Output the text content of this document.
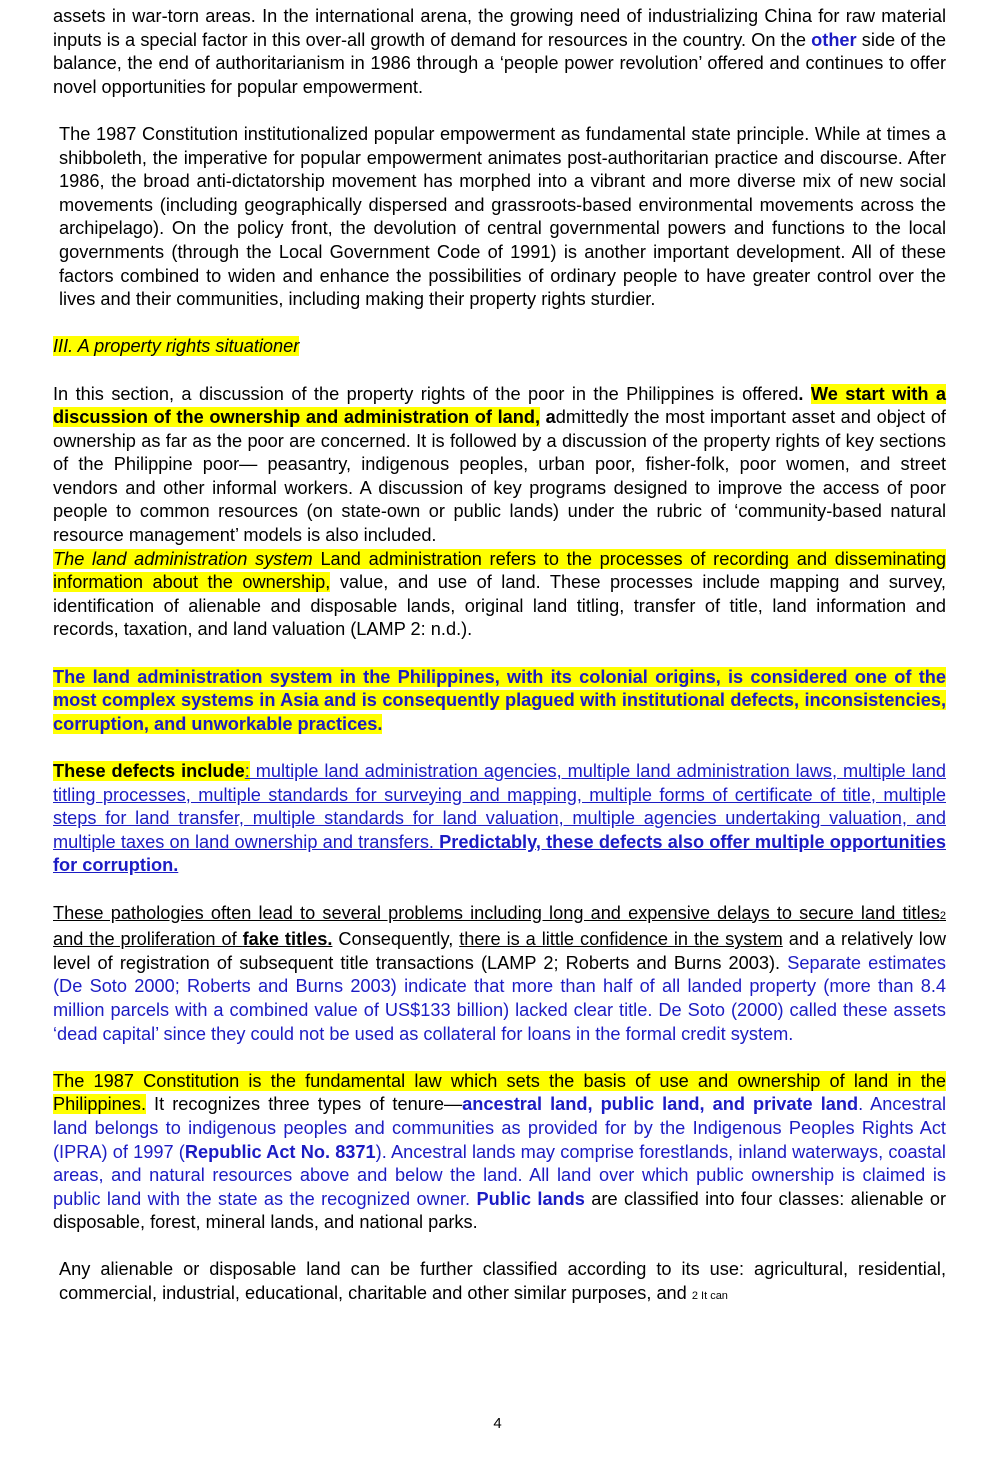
assets in war-torn areas. In the international arena, the growing need of industrializing China for raw material inputs is a special factor in this over-all growth of demand for resources in the country. On the other side of the balance, the end of authoritarianism in 1986 through a ‘people power revolution’ offered and continues to offer novel opportunities for popular empowerment.

The 1987 Constitution institutionalized popular empowerment as fundamental state principle. While at times a shibboleth, the imperative for popular empowerment animates post-authoritarian practice and discourse. After 1986, the broad anti-dictatorship movement has morphed into a vibrant and more diverse mix of new social movements (including geographically dispersed and grassroots-based environmental movements across the archipelago). On the policy front, the devolution of central governmental powers and functions to the local governments (through the Local Government Code of 1991) is another important development. All of these factors combined to widen and enhance the possibilities of ordinary people to have greater control over the lives and their communities, including making their property rights sturdier.

III. A property rights situationer

In this section, a discussion of the property rights of the poor in the Philippines is offered. We start with a discussion of the ownership and administration of land, admittedly the most important asset and object of ownership as far as the poor are concerned. It is followed by a discussion of the property rights of key sections of the Philippine poor— peasantry, indigenous peoples, urban poor, fisher-folk, poor women, and street vendors and other informal workers. A discussion of key programs designed to improve the access of poor people to common resources (on state-own or public lands) under the rubric of ‘community-based natural resource management’ models is also included.

The land administration system Land administration refers to the processes of recording and disseminating information about the ownership, value, and use of land. These processes include mapping and survey, identification of alienable and disposable lands, original land titling, transfer of title, land information and records, taxation, and land valuation (LAMP 2: n.d.).

The land administration system in the Philippines, with its colonial origins, is considered one of the most complex systems in Asia and is consequently plagued with institutional defects, inconsistencies, corruption, and unworkable practices.

These defects include: multiple land administration agencies, multiple land administration laws, multiple land titling processes, multiple standards for surveying and mapping, multiple forms of certificate of title, multiple steps for land transfer, multiple standards for land valuation, multiple agencies undertaking valuation, and multiple taxes on land ownership and transfers. Predictably, these defects also offer multiple opportunities for corruption.

These pathologies often lead to several problems including long and expensive delays to secure land titles2 and the proliferation of fake titles. Consequently, there is a little confidence in the system and a relatively low level of registration of subsequent title transactions (LAMP 2; Roberts and Burns 2003). Separate estimates (De Soto 2000; Roberts and Burns 2003) indicate that more than half of all landed property (more than 8.4 million parcels with a combined value of US$133 billion) lacked clear title. De Soto (2000) called these assets ‘dead capital’ since they could not be used as collateral for loans in the formal credit system.

The 1987 Constitution is the fundamental law which sets the basis of use and ownership of land in the Philippines. It recognizes three types of tenure—ancestral land, public land, and private land. Ancestral land belongs to indigenous peoples and communities as provided for by the Indigenous Peoples Rights Act (IPRA) of 1997 (Republic Act No. 8371). Ancestral lands may comprise forestlands, inland waterways, coastal areas, and natural resources above and below the land. All land over which public ownership is claimed is public land with the state as the recognized owner. Public lands are classified into four classes: alienable or disposable, forest, mineral lands, and national parks.

Any alienable or disposable land can be further classified according to its use: agricultural, residential, commercial, industrial, educational, charitable and other similar purposes, and 2 It can

4
